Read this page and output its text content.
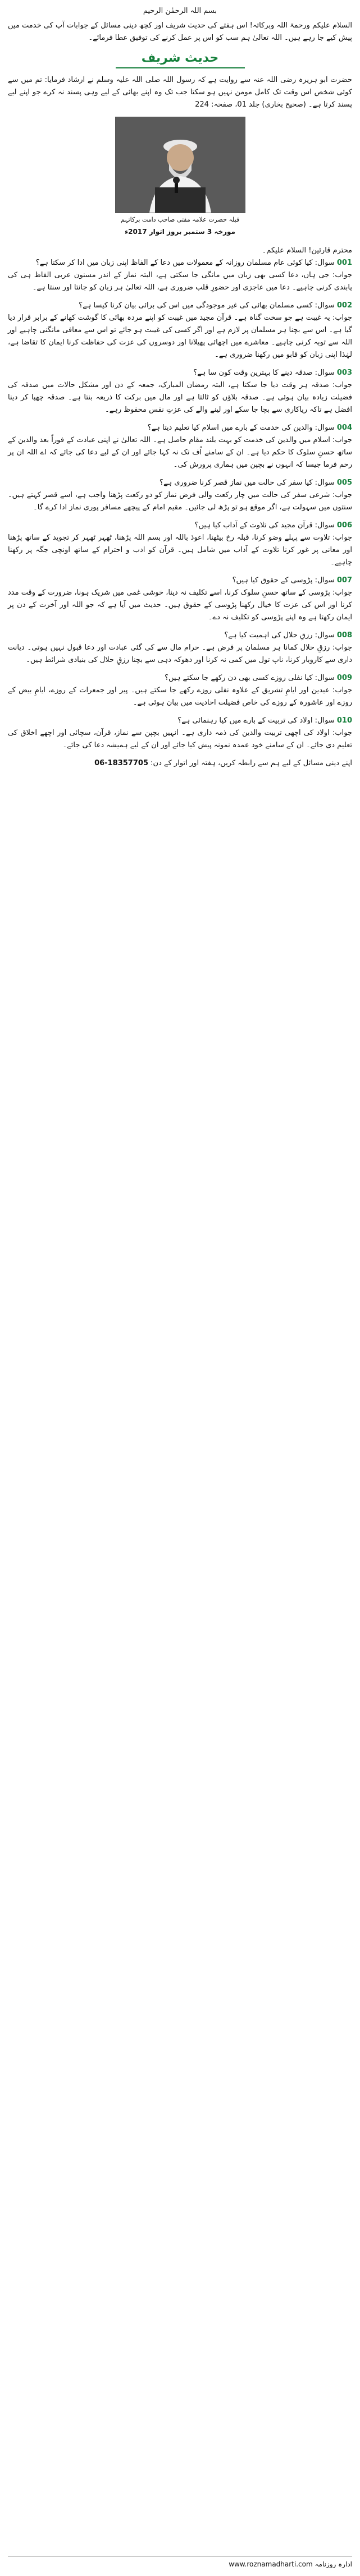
بسم اللہ الرحمٰن الرحیم
السلام علیکم ورحمۃ اللہ وبرکاتہ! اس ہفتے کی حدیث شریف اور کچھ دینی مسائل کے جوابات آپ کی خدمت میں پیش کیے جا رہے ہیں۔ اللہ تعالیٰ ہم سب کو اس پر عمل کرنے کی توفیق عطا فرمائے۔
حدیث شریف
حضرت ابو ہریرہ رضی اللہ عنہ سے روایت ہے کہ رسول اللہ صلی اللہ علیہ وسلم نے ارشاد فرمایا: تم میں سے کوئی شخص اس وقت تک کامل مومن نہیں ہو سکتا جب تک وہ اپنے بھائی کے لیے وہی پسند نہ کرے جو اپنے لیے پسند کرتا ہے۔ (صحیح بخاری) جلد 01، صفحہ: 224
قبلہ حضرت علامہ مفتی صاحب دامت برکاتہم
مورخہ 3 ستمبر بروز اتوار 2017ء
محترم قارئین! السلام علیکم۔
001 سوال: کیا کوئی عام مسلمان روزانہ کے معمولات میں دعا کے الفاظ اپنی زبان میں ادا کر سکتا ہے؟
جواب: جی ہاں، دعا کسی بھی زبان میں مانگی جا سکتی ہے، البتہ نماز کے اندر مسنون عربی الفاظ ہی کی پابندی کرنی چاہیے۔ دعا میں عاجزی اور حضورِ قلب ضروری ہے، اللہ تعالیٰ ہر زبان کو جانتا اور سنتا ہے۔
002 سوال: کسی مسلمان بھائی کی غیر موجودگی میں اس کی برائی بیان کرنا کیسا ہے؟
جواب: یہ غیبت ہے جو سخت گناہ ہے۔ قرآن مجید میں غیبت کو اپنے مردہ بھائی کا گوشت کھانے کے برابر قرار دیا گیا ہے۔ اس سے بچنا ہر مسلمان پر لازم ہے اور اگر کسی کی غیبت ہو جائے تو اس سے معافی مانگنی چاہیے اور اللہ سے توبہ کرنی چاہیے۔ معاشرے میں اچھائی پھیلانا اور دوسروں کی عزت کی حفاظت کرنا ایمان کا تقاضا ہے، لہٰذا اپنی زبان کو قابو میں رکھنا ضروری ہے۔
003 سوال: صدقہ دینے کا بہترین وقت کون سا ہے؟
جواب: صدقہ ہر وقت دیا جا سکتا ہے، البتہ رمضان المبارک، جمعہ کے دن اور مشکل حالات میں صدقہ کی فضیلت زیادہ بیان ہوئی ہے۔ صدقہ بلاؤں کو ٹالتا ہے اور مال میں برکت کا ذریعہ بنتا ہے۔ صدقہ چھپا کر دینا افضل ہے تاکہ ریاکاری سے بچا جا سکے اور لینے والے کی عزتِ نفس محفوظ رہے۔
004 سوال: والدین کی خدمت کے بارے میں اسلام کیا تعلیم دیتا ہے؟
جواب: اسلام میں والدین کی خدمت کو بہت بلند مقام حاصل ہے۔ اللہ تعالیٰ نے اپنی عبادت کے فوراً بعد والدین کے ساتھ حسنِ سلوک کا حکم دیا ہے۔ ان کے سامنے اُف تک نہ کہا جائے اور ان کے لیے دعا کی جائے کہ اے اللہ ان پر رحم فرما جیسا کہ انہوں نے بچپن میں ہماری پرورش کی۔
005 سوال: کیا سفر کی حالت میں نماز قصر کرنا ضروری ہے؟
جواب: شرعی سفر کی حالت میں چار رکعت والی فرض نماز کو دو رکعت پڑھنا واجب ہے، اسے قصر کہتے ہیں۔ سنتوں میں سہولت ہے، اگر موقع ہو تو پڑھ لی جائیں۔ مقیم امام کے پیچھے مسافر پوری نماز ادا کرے گا۔
006 سوال: قرآن مجید کی تلاوت کے آداب کیا ہیں؟
جواب: تلاوت سے پہلے وضو کرنا، قبلہ رخ بیٹھنا، اعوذ باللہ اور بسم اللہ پڑھنا، ٹھہر ٹھہر کر تجوید کے ساتھ پڑھنا اور معانی پر غور کرنا تلاوت کے آداب میں شامل ہیں۔ قرآن کو ادب و احترام کے ساتھ اونچی جگہ پر رکھنا چاہیے۔
007 سوال: پڑوسی کے حقوق کیا ہیں؟
جواب: پڑوسی کے ساتھ حسنِ سلوک کرنا، اسے تکلیف نہ دینا، خوشی غمی میں شریک ہونا، ضرورت کے وقت مدد کرنا اور اس کی عزت کا خیال رکھنا پڑوسی کے حقوق ہیں۔ حدیث میں آیا ہے کہ جو اللہ اور آخرت کے دن پر ایمان رکھتا ہے وہ اپنے پڑوسی کو تکلیف نہ دے۔
008 سوال: رزقِ حلال کی اہمیت کیا ہے؟
جواب: رزقِ حلال کمانا ہر مسلمان پر فرض ہے۔ حرام مال سے کی گئی عبادت اور دعا قبول نہیں ہوتی۔ دیانت داری سے کاروبار کرنا، ناپ تول میں کمی نہ کرنا اور دھوکہ دہی سے بچنا رزقِ حلال کی بنیادی شرائط ہیں۔
009 سوال: کیا نفلی روزے کسی بھی دن رکھے جا سکتے ہیں؟
جواب: عیدین اور ایامِ تشریق کے علاوہ نفلی روزے رکھے جا سکتے ہیں۔ پیر اور جمعرات کے روزے، ایامِ بیض کے روزے اور عاشورہ کے روزے کی خاص فضیلت احادیث میں بیان ہوئی ہے۔
010 سوال: اولاد کی تربیت کے بارے میں کیا رہنمائی ہے؟
جواب: اولاد کی اچھی تربیت والدین کی ذمہ داری ہے۔ انہیں بچپن سے نماز، قرآن، سچائی اور اچھے اخلاق کی تعلیم دی جائے۔ ان کے سامنے خود عمدہ نمونہ پیش کیا جائے اور ان کے لیے ہمیشہ دعا کی جائے۔
اپنے دینی مسائل کے لیے ہم سے رابطہ کریں، ہفتہ اور اتوار کے دن: 06-18357705
ادارہ روزنامہ www.roznamadharti.com
